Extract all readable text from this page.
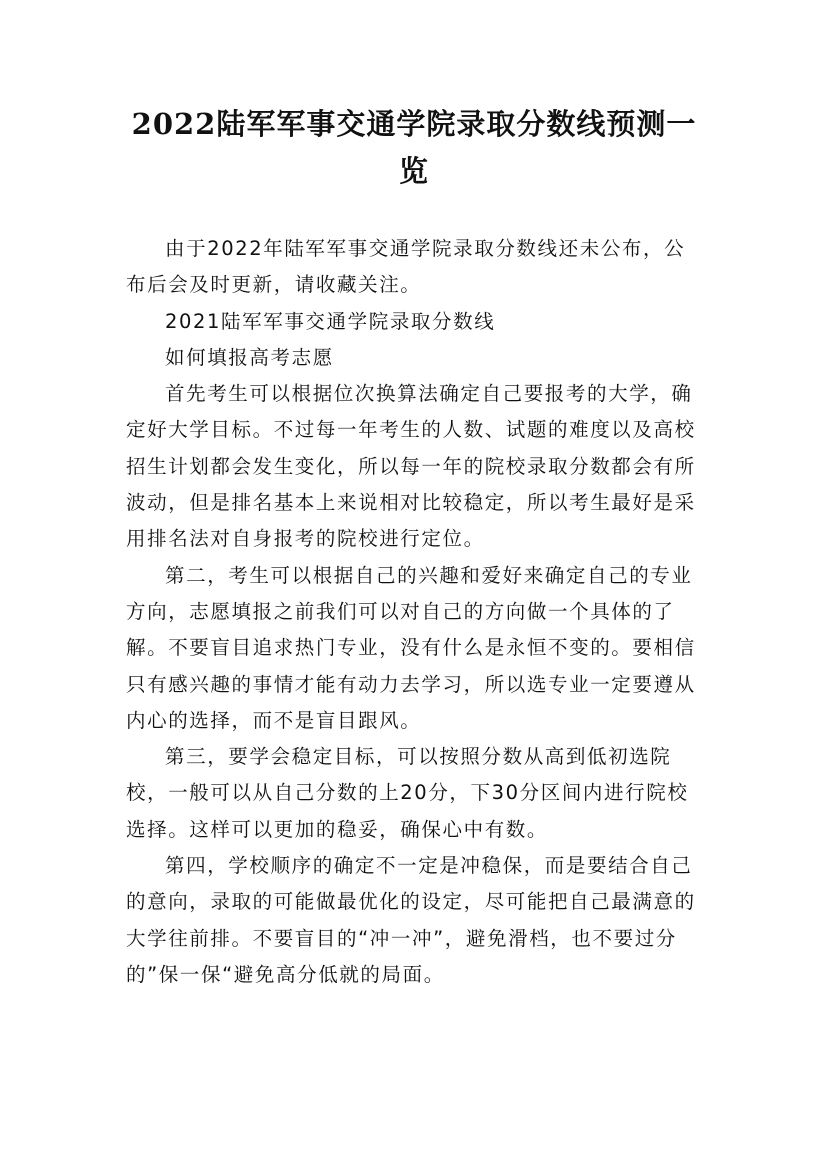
2022陆军军事交通学院录取分数线预测一览

由于2022年陆军军事交通学院录取分数线还未公布，公布后会及时更新，请收藏关注。

2021陆军军事交通学院录取分数线

如何填报高考志愿

首先考生可以根据位次换算法确定自己要报考的大学，确定好大学目标。不过每一年考生的人数、试题的难度以及高校招生计划都会发生变化，所以每一年的院校录取分数都会有所波动，但是排名基本上来说相对比较稳定，所以考生最好是采用排名法对自身报考的院校进行定位。

第二，考生可以根据自己的兴趣和爱好来确定自己的专业方向，志愿填报之前我们可以对自己的方向做一个具体的了解。不要盲目追求热门专业，没有什么是永恒不变的。要相信只有感兴趣的事情才能有动力去学习，所以选专业一定要遵从内心的选择，而不是盲目跟风。

第三，要学会稳定目标，可以按照分数从高到低初选院校，一般可以从自己分数的上20分，下30分区间内进行院校选择。这样可以更加的稳妥，确保心中有数。

第四，学校顺序的确定不一定是冲稳保，而是要结合自己的意向，录取的可能做最优化的设定，尽可能把自己最满意的大学往前排。不要盲目的“冲一冲”，避免滑档，也不要过分的”保一保“避免高分低就的局面。
